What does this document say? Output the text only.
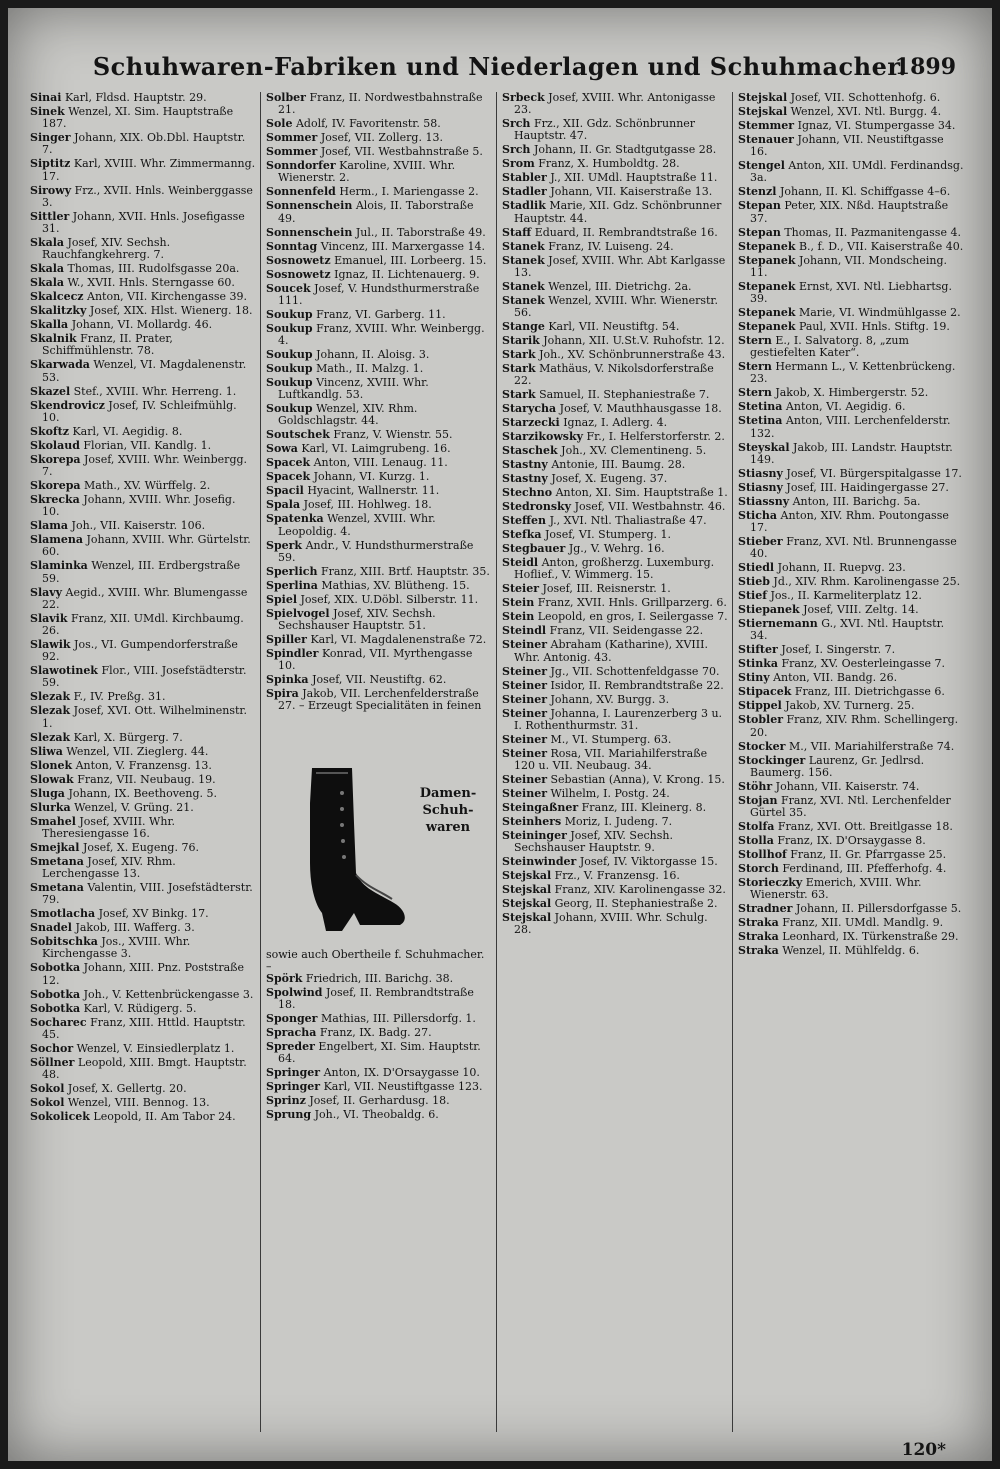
Schuhwaren-Fabriken und Niederlagen und Schuhmacher.
1899
Sinai Karl, Fldsd. Hauptstr. 29.
Sinek Wenzel, XI. Sim. Hauptstraße 187.
Singer Johann, XIX. Ob.Dbl. Hauptstr. 7.
Siptitz Karl, XVIII. Whr. Zimmermanng. 17.
Sirowy Frz., XVII. Hnls. Weinberggasse 3.
Sittler Johann, XVII. Hnls. Josefigasse 31.
Skala Josef, XIV. Sechsh. Rauchfangkehrerg. 7.
Skala Thomas, III. Rudolfsgasse 20a.
Skala W., XVII. Hnls. Sterngasse 60.
Skalcecz Anton, VII. Kirchengasse 39.
Skalitzky Josef, XIX. Hlst. Wienerg. 18.
Skalla Johann, VI. Mollardg. 46.
Skalnik Franz, II. Prater, Schiffmühlenstr. 78.
Skarwada Wenzel, VI. Magdalenenstr. 53.
Skazel Stef., XVIII. Whr. Herreng. 1.
Skendrovicz Josef, IV. Schleifmühlg. 10.
Skoftz Karl, VI. Aegidig. 8.
Skolaud Florian, VII. Kandlg. 1.
Skorepa Josef, XVIII. Whr. Weinbergg. 7.
Skorepa Math., XV. Würffelg. 2.
Skrecka Johann, XVIII. Whr. Josefig. 10.
Slama Joh., VII. Kaiserstr. 106.
Slamena Johann, XVIII. Whr. Gürtelstr. 60.
Slaminka Wenzel, III. Erdbergstraße 59.
Slavy Aegid., XVIII. Whr. Blumengasse 22.
Slavik Franz, XII. UMdl. Kirchbaumg. 26.
Slawik Jos., VI. Gumpendorferstraße 92.
Slawotinek Flor., VIII. Josefstädterstr. 59.
Slezak F., IV. Preßg. 31.
Slezak Josef, XVI. Ott. Wilhelminenstr. 1.
Slezak Karl, X. Bürgerg. 7.
Sliwa Wenzel, VII. Zieglerg. 44.
Slonek Anton, V. Franzensg. 13.
Slowak Franz, VII. Neubaug. 19.
Sluga Johann, IX. Beethoveng. 5.
Slurka Wenzel, V. Grüng. 21.
Smahel Josef, XVIII. Whr. Theresiengasse 16.
Smejkal Josef, X. Eugeng. 76.
Smetana Josef, XIV. Rhm. Lerchengasse 13.
Smetana Valentin, VIII. Josefstädterstr. 79.
Smotlacha Josef, XV Binkg. 17.
Snadel Jakob, III. Wafferg. 3.
Sobitschka Jos., XVIII. Whr. Kirchengasse 3.
Sobotka Johann, XIII. Pnz. Poststraße 12.
Sobotka Joh., V. Kettenbrückengasse 3.
Sobotka Karl, V. Rüdigerg. 5.
Socharec Franz, XIII. Httld. Hauptstr. 45.
Sochor Wenzel, V. Einsiedlerplatz 1.
Söllner Leopold, XIII. Bmgt. Hauptstr. 48.
Sokol Josef, X. Gellertg. 20.
Sokol Wenzel, VIII. Bennog. 13.
Sokolicek Leopold, II. Am Tabor 24.
Solber Franz, II. Nordwestbahnstraße 21.
Sole Adolf, IV. Favoritenstr. 58.
Sommer Josef, VII. Zollerg. 13.
Sommer Josef, VII. Westbahnstraße 5.
Sonndorfer Karoline, XVIII. Whr. Wienerstr. 2.
Sonnenfeld Herm., I. Mariengasse 2.
Sonnenschein Alois, II. Taborstraße 49.
Sonnenschein Jul., II. Taborstraße 49.
Sonntag Vincenz, III. Marxergasse 14.
Sosnowetz Emanuel, III. Lorbeerg. 15.
Sosnowetz Ignaz, II. Lichtenauerg. 9.
Soucek Josef, V. Hundsthurmerstraße 111.
Soukup Franz, VI. Garberg. 11.
Soukup Franz, XVIII. Whr. Weinbergg. 4.
Soukup Johann, II. Aloisg. 3.
Soukup Math., II. Malzg. 1.
Soukup Vincenz, XVIII. Whr. Luftkandlg. 53.
Soukup Wenzel, XIV. Rhm. Goldschlagstr. 44.
Soutschek Franz, V. Wienstr. 55.
Sowa Karl, VI. Laimgrubeng. 16.
Spacek Anton, VIII. Lenaug. 11.
Spacek Johann, VI. Kurzg. 1.
Spacil Hyacint, Wallnerstr. 11.
Spala Josef, III. Hohlweg. 18.
Spatenka Wenzel, XVIII. Whr. Leopoldig. 4.
Sperk Andr., V. Hundsthurmerstraße 59.
Sperlich Franz, XIII. Brtf. Hauptstr. 35.
Sperlina Mathias, XV. Blütheng. 15.
Spiel Josef, XIX. U.Döbl. Silberstr. 11.
Spielvogel Josef, XIV. Sechsh. Sechshauser Hauptstr. 51.
Spiller Karl, VI. Magdalenenstraße 72.
Spindler Konrad, VII. Myrthengasse 10.
Spinka Josef, VII. Neustiftg. 62.
Spira Jakob, VII. Lerchenfelderstraße 27. – Erzeugt Specialitäten in feinen
Damen-
Schuh-
waren
sowie auch Obertheile f. Schuhmacher. –
Spörk Friedrich, III. Barichg. 38.
Spolwind Josef, II. Rembrandtstraße 18.
Sponger Mathias, III. Pillersdorfg. 1.
Spracha Franz, IX. Badg. 27.
Spreder Engelbert, XI. Sim. Hauptstr. 64.
Springer Anton, IX. D'Orsaygasse 10.
Springer Karl, VII. Neustiftgasse 123.
Sprinz Josef, II. Gerhardusg. 18.
Sprung Joh., VI. Theobaldg. 6.
Srbeck Josef, XVIII. Whr. Antonigasse 23.
Srch Frz., XII. Gdz. Schönbrunner Hauptstr. 47.
Srch Johann, II. Gr. Stadtgutgasse 28.
Srom Franz, X. Humboldtg. 28.
Stabler J., XII. UMdl. Hauptstraße 11.
Stadler Johann, VII. Kaiserstraße 13.
Stadlik Marie, XII. Gdz. Schönbrunner Hauptstr. 44.
Staff Eduard, II. Rembrandtstraße 16.
Stanek Franz, IV. Luiseng. 24.
Stanek Josef, XVIII. Whr. Abt Karlgasse 13.
Stanek Wenzel, III. Dietrichg. 2a.
Stanek Wenzel, XVIII. Whr. Wienerstr. 56.
Stange Karl, VII. Neustiftg. 54.
Starik Johann, XII. U.St.V. Ruhofstr. 12.
Stark Joh., XV. Schönbrunnerstraße 43.
Stark Mathäus, V. Nikolsdorferstraße 22.
Stark Samuel, II. Stephaniestraße 7.
Starycha Josef, V. Mauthhausgasse 18.
Starzecki Ignaz, I. Adlerg. 4.
Starzikowsky Fr., I. Helferstorferstr. 2.
Staschek Joh., XV. Clementineng. 5.
Stastny Antonie, III. Baumg. 28.
Stastny Josef, X. Eugeng. 37.
Stechno Anton, XI. Sim. Hauptstraße 1.
Stedronsky Josef, VII. Westbahnstr. 46.
Steffen J., XVI. Ntl. Thaliastraße 47.
Stefka Josef, VI. Stumperg. 1.
Stegbauer Jg., V. Wehrg. 16.
Steidl Anton, großherzg. Luxemburg. Hoflief., V. Wimmerg. 15.
Steier Josef, III. Reisnerstr. 1.
Stein Franz, XVII. Hnls. Grillparzerg. 6.
Stein Leopold, en gros, I. Seilergasse 7.
Steindl Franz, VII. Seidengasse 22.
Steiner Abraham (Katharine), XVIII. Whr. Antonig. 43.
Steiner Jg., VII. Schottenfeldgasse 70.
Steiner Isidor, II. Rembrandtstraße 22.
Steiner Johann, XV. Burgg. 3.
Steiner Johanna, I. Laurenzerberg 3 u. I. Rothenthurmstr. 31.
Steiner M., VI. Stumperg. 63.
Steiner Rosa, VII. Mariahilferstraße 120 u. VII. Neubaug. 34.
Steiner Sebastian (Anna), V. Krong. 15.
Steiner Wilhelm, I. Postg. 24.
Steingaßner Franz, III. Kleinerg. 8.
Steinhers Moriz, I. Judeng. 7.
Steininger Josef, XIV. Sechsh. Sechshauser Hauptstr. 9.
Steinwinder Josef, IV. Viktorgasse 15.
Stejskal Frz., V. Franzensg. 16.
Stejskal Franz, XIV. Karolinengasse 32.
Stejskal Georg, II. Stephaniestraße 2.
Stejskal Johann, XVIII. Whr. Schulg. 28.
Stejskal Josef, VII. Schottenhofg. 6.
Stejskal Wenzel, XVI. Ntl. Burgg. 4.
Stemmer Ignaz, VI. Stumpergasse 34.
Stenauer Johann, VII. Neustiftgasse 16.
Stengel Anton, XII. UMdl. Ferdinandsg. 3a.
Stenzl Johann, II. Kl. Schiffgasse 4–6.
Stepan Peter, XIX. Nßd. Hauptstraße 37.
Stepan Thomas, II. Pazmanitengasse 4.
Stepanek B., f. D., VII. Kaiserstraße 40.
Stepanek Johann, VII. Mondscheing. 11.
Stepanek Ernst, XVI. Ntl. Liebhartsg. 39.
Stepanek Marie, VI. Windmühlgasse 2.
Stepanek Paul, XVII. Hnls. Stiftg. 19.
Stern E., I. Salvatorg. 8, „zum gestiefelten Kater“.
Stern Hermann L., V. Kettenbrückeng. 23.
Stern Jakob, X. Himbergerstr. 52.
Stetina Anton, VI. Aegidig. 6.
Stetina Anton, VIII. Lerchenfelderstr. 132.
Steyskal Jakob, III. Landstr. Hauptstr. 149.
Stiasny Josef, VI. Bürgerspitalgasse 17.
Stiasny Josef, III. Haidingergasse 27.
Stiassny Anton, III. Barichg. 5a.
Sticha Anton, XIV. Rhm. Poutongasse 17.
Stieber Franz, XVI. Ntl. Brunnengasse 40.
Stiedl Johann, II. Ruepvg. 23.
Stieb Jd., XIV. Rhm. Karolinengasse 25.
Stief Jos., II. Karmeliterplatz 12.
Stiepanek Josef, VIII. Zeltg. 14.
Stiernemann G., XVI. Ntl. Hauptstr. 34.
Stifter Josef, I. Singerstr. 7.
Stinka Franz, XV. Oesterleingasse 7.
Stiny Anton, VII. Bandg. 26.
Stipacek Franz, III. Dietrichgasse 6.
Stippel Jakob, XV. Turnerg. 25.
Stobler Franz, XIV. Rhm. Schellingerg. 20.
Stocker M., VII. Mariahilferstraße 74.
Stockinger Laurenz, Gr. Jedlrsd. Baumerg. 156.
Stöhr Johann, VII. Kaiserstr. 74.
Stojan Franz, XVI. Ntl. Lerchenfelder Gürtel 35.
Stolfa Franz, XVI. Ott. Breitlgasse 18.
Stolla Franz, IX. D'Orsaygasse 8.
Stollhof Franz, II. Gr. Pfarrgasse 25.
Storch Ferdinand, III. Pfefferhofg. 4.
Storieczky Emerich, XVIII. Whr. Wienerstr. 63.
Stradner Johann, II. Pillersdorfgasse 5.
Straka Franz, XII. UMdl. Mandlg. 9.
Straka Leonhard, IX. Türkenstraße 29.
Straka Wenzel, II. Mühlfeldg. 6.
120*
